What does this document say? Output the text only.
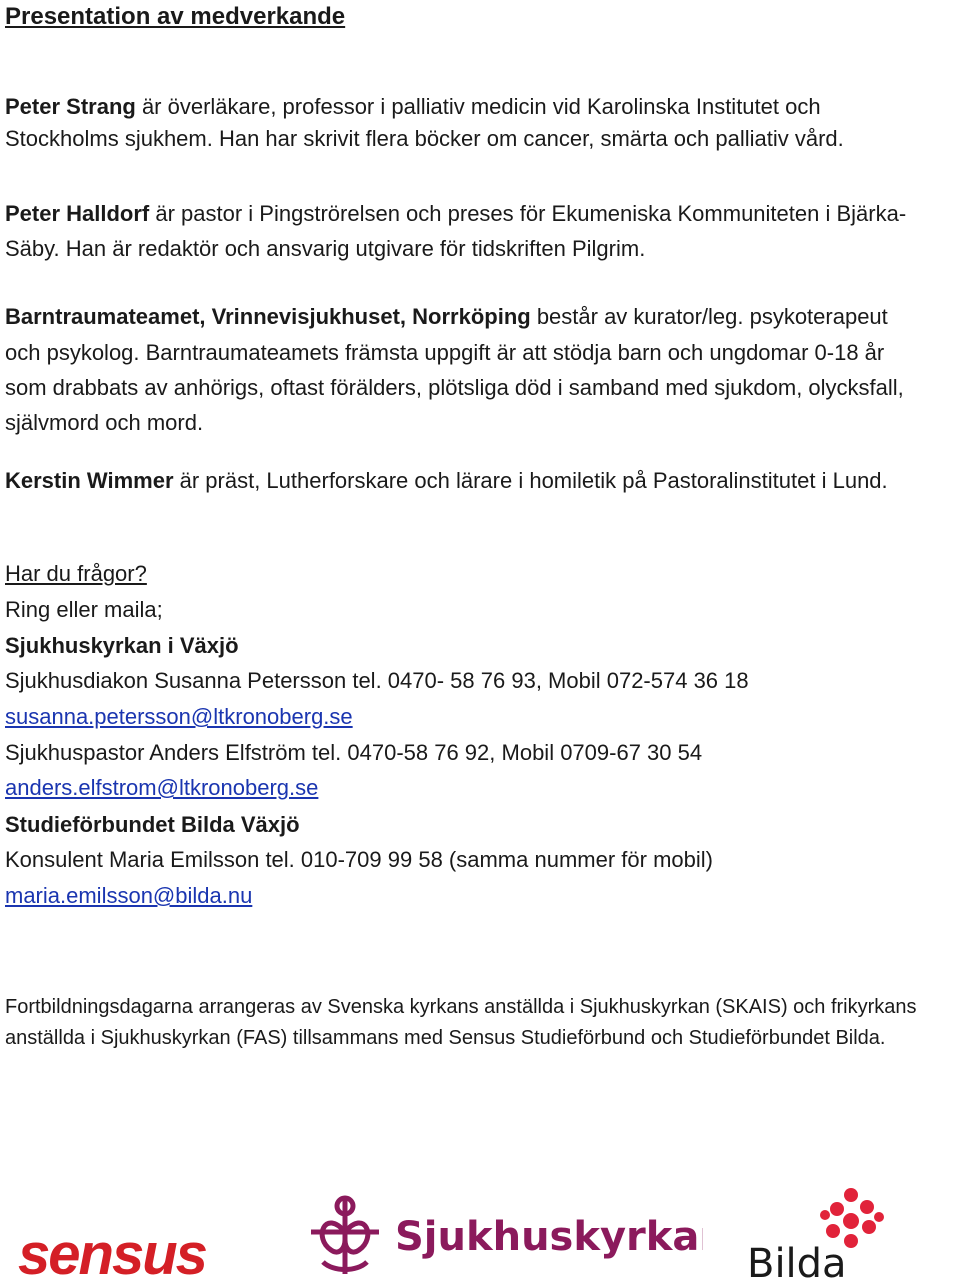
Presentation av medverkande
Peter Strang är överläkare, professor i palliativ medicin vid Karolinska Institutet och
Stockholms sjukhem. Han har skrivit flera böcker om cancer, smärta och palliativ vård.
Peter Halldorf är pastor i Pingströrelsen och preses för Ekumeniska Kommuniteten i Bjärka-
Säby. Han är redaktör och ansvarig utgivare för tidskriften Pilgrim.
Barntraumateamet, Vrinnevisjukhuset, Norrköping består av kurator/leg. psykoterapeut
och psykolog. Barntraumateamets främsta uppgift är att stödja barn och ungdomar 0-18 år
som drabbats av anhörigs, oftast förälders, plötsliga död i samband med sjukdom, olycksfall,
självmord och mord.
Kerstin Wimmer är präst, Lutherforskare och lärare i homiletik på Pastoralinstitutet i Lund.
Har du frågor?
Ring eller maila;
Sjukhuskyrkan i Växjö
Sjukhusdiakon Susanna Petersson tel. 0470- 58 76 93, Mobil 072-574 36 18
susanna.petersson@ltkronoberg.se
Sjukhuspastor Anders Elfström tel. 0470-58 76 92, Mobil 0709-67 30 54
anders.elfstrom@ltkronoberg.se
Studieförbundet Bilda Växjö
Konsulent Maria Emilsson tel. 010-709 99 58 (samma nummer för mobil)
maria.emilsson@bilda.nu
Fortbildningsdagarna arrangeras av Svenska kyrkans anställda i Sjukhuskyrkan (SKAIS) och frikyrkans
anställda i Sjukhuskyrkan (FAS) tillsammans med Sensus Studieförbund och Studieförbundet Bilda.
sensus	Sjukhuskyrkan
Bilda
